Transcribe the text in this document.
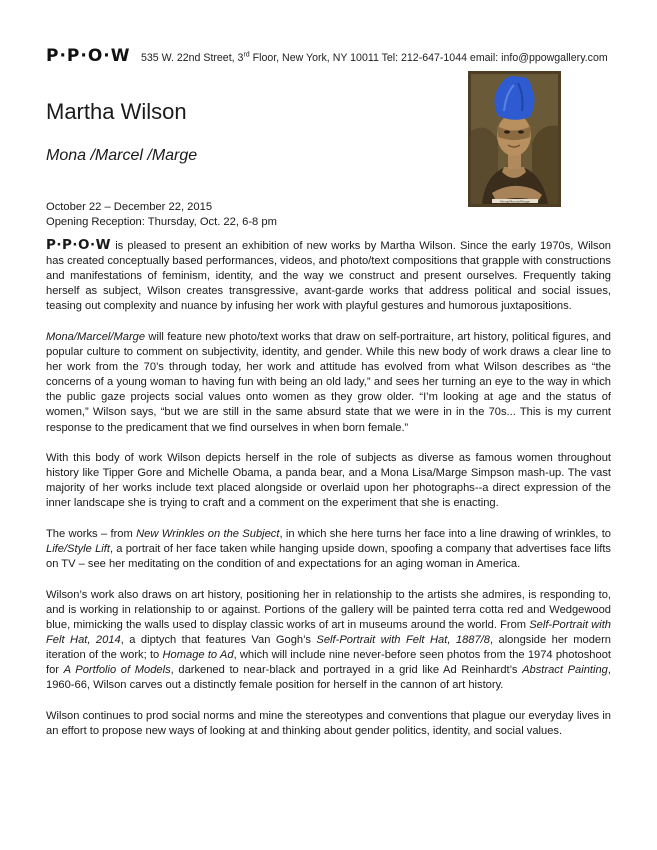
P·P·O·W 535 W. 22nd Street, 3rd Floor, New York, NY 10011 Tel: 212-647-1044 email: info@ppowgallery.com
Martha Wilson
Mona /Marcel /Marge
October 22 – December 22, 2015
Opening Reception: Thursday, Oct. 22, 6-8 pm
Mona/Marcel/Marge

P·P·O·W is pleased to present an exhibition of new works by Martha Wilson. Since the early 1970s, Wilson has created conceptually based performances, videos, and photo/text compositions that grapple with constructions and manifestations of feminism, identity, and the way we construct and present ourselves. Frequently taking herself as subject, Wilson creates transgressive, avant-garde works that address political and social issues, teasing out complexity and nuance by infusing her work with playful gestures and humorous juxtapositions.

Mona/Marcel/Marge will feature new photo/text works that draw on self-portraiture, art history, political figures, and popular culture to comment on subjectivity, identity, and gender. While this new body of work draws a clear line to her work from the 70’s through today, her work and attitude has evolved from what Wilson describes as “the concerns of a young woman to having fun with being an old lady,” and sees her turning an eye to the way in which the public gaze projects social values onto women as they grow older. “I’m looking at age and the status of women,” Wilson says, “but we are still in the same absurd state that we were in in the 70s... This is my current response to the predicament that we find ourselves in when born female.”

With this body of work Wilson depicts herself in the role of subjects as diverse as famous women throughout history like Tipper Gore and Michelle Obama, a panda bear, and a Mona Lisa/Marge Simpson mash-up. The vast majority of her works include text placed alongside or overlaid upon her photographs--a direct expression of the inner landscape she is trying to craft and a comment on the experiment that she is enacting.

The works – from New Wrinkles on the Subject, in which she here turns her face into a line drawing of wrinkles, to Life/Style Lift, a portrait of her face taken while hanging upside down, spoofing a company that advertises face lifts on TV – see her meditating on the condition of and expectations for an aging woman in America.

Wilson’s work also draws on art history, positioning her in relationship to the artists she admires, is responding to, and is working in relationship to or against. Portions of the gallery will be painted terra cotta red and Wedgewood blue, mimicking the walls used to display classic works of art in museums around the world. From Self-Portrait with Felt Hat, 2014, a diptych that features Van Gogh’s Self-Portrait with Felt Hat, 1887/8, alongside her modern iteration of the work; to Homage to Ad, which will include nine never-before seen photos from the 1974 photoshoot for A Portfolio of Models, darkened to near-black and portrayed in a grid like Ad Reinhardt’s Abstract Painting, 1960-66, Wilson carves out a distinctly female position for herself in the cannon of art history.

Wilson continues to prod social norms and mine the stereotypes and conventions that plague our everyday lives in an effort to propose new ways of looking at and thinking about gender politics, identity, and social values.
